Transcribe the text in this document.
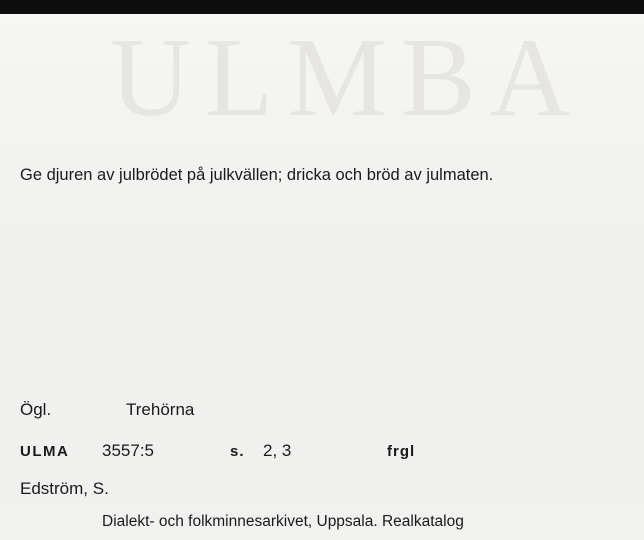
ULMBA

Ge djuren av julbrödet på julkvällen; dricka och bröd av julmaten.

Ögl.	Trehörna
ULMA 3557:5	s. 2, 3	frgl
Edström, S.
Dialekt- och folkminnesarkivet, Uppsala. Realkatalog
